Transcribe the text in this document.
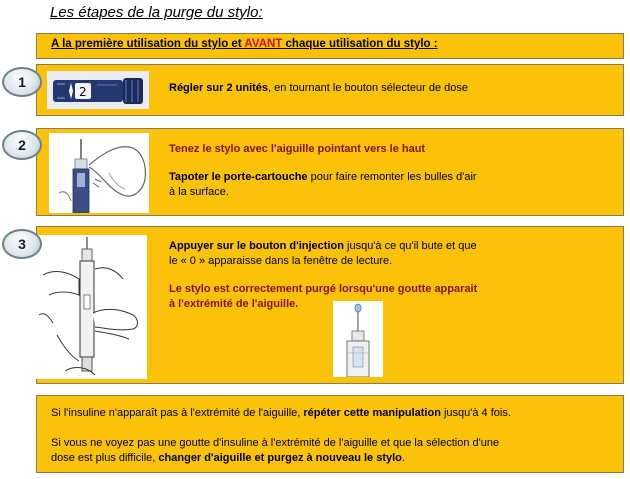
Les étapes de la purge du stylo:
A la première utilisation du stylo et AVANT chaque utilisation du stylo :
2	Régler sur 2 unités, en tournant le bouton sélecteur de dose

1

Tenez le stylo avec l'aiguille pointant vers le haut

Tapoter le porte-cartouche pour faire remonter les bulles d'air

à la surface.

2

Appuyer sur le bouton d'injection jusqu'à ce qu'il bute et que

le « 0 » apparaisse dans la fenêtre de lecture.

Le stylo est correctement purgé lorsqu'une goutte apparait

à l'extrémité de l'aiguille.

3

Si l'insuline n'apparaît pas à l'extrémité de l'aiguille, répéter cette manipulation jusqu'à 4 fois.

Si vous ne voyez pas une goutte d'insuline à l'extrémité de l'aiguille et que la sélection d'une

dose est plus difficile, changer d'aiguille et purgez à nouveau le stylo.
